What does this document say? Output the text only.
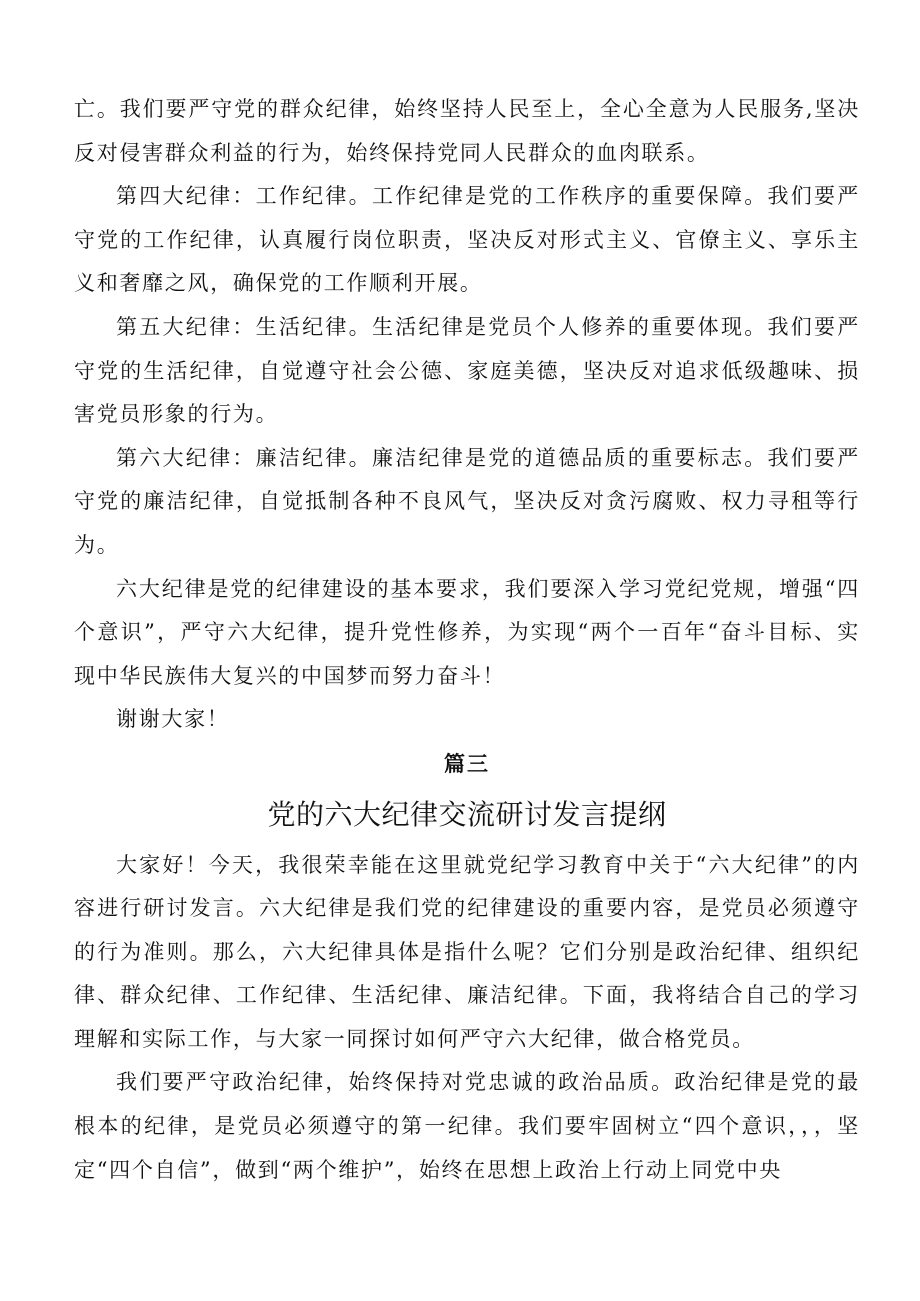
亡。我们要严守党的群众纪律，始终坚持人民至上，全心全意为人民服务,坚决反对侵害群众利益的行为，始终保持党同人民群众的血肉联系。

第四大纪律：工作纪律。工作纪律是党的工作秩序的重要保障。我们要严守党的工作纪律，认真履行岗位职责，坚决反对形式主义、官僚主义、享乐主义和奢靡之风，确保党的工作顺利开展。

第五大纪律：生活纪律。生活纪律是党员个人修养的重要体现。我们要严守党的生活纪律，自觉遵守社会公德、家庭美德，坚决反对追求低级趣味、损害党员形象的行为。

第六大纪律：廉洁纪律。廉洁纪律是党的道德品质的重要标志。我们要严守党的廉洁纪律，自觉抵制各种不良风气，坚决反对贪污腐败、权力寻租等行为。

六大纪律是党的纪律建设的基本要求，我们要深入学习党纪党规，增强“四个意识”，严守六大纪律，提升党性修养，为实现“两个一百年“奋斗目标、实现中华民族伟大复兴的中国梦而努力奋斗！

谢谢大家！

篇三

党的六大纪律交流研讨发言提纲

大家好！今天，我很荣幸能在这里就党纪学习教育中关于“六大纪律”的内容进行研讨发言。六大纪律是我们党的纪律建设的重要内容，是党员必须遵守的行为准则。那么，六大纪律具体是指什么呢？它们分别是政治纪律、组织纪律、群众纪律、工作纪律、生活纪律、廉洁纪律。下面，我将结合自己的学习理解和实际工作，与大家一同探讨如何严守六大纪律，做合格党员。

我们要严守政治纪律，始终保持对党忠诚的政治品质。政治纪律是党的最根本的纪律，是党员必须遵守的第一纪律。我们要牢固树立“四个意识，，，坚定“四个自信”，做到“两个维护”，始终在思想上政治上行动上同党中央
